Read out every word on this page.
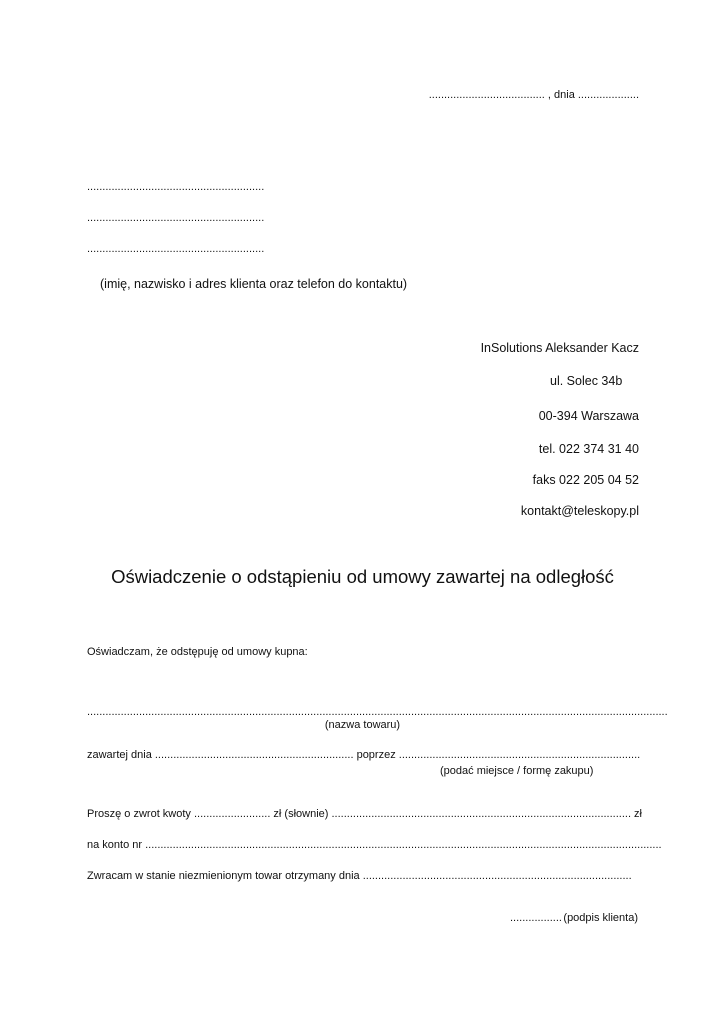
...................................... , dnia ....................
..........................................................
..........................................................
..........................................................
(imię, nazwisko i adres klienta oraz telefon do kontaktu)
InSolutions Aleksander Kacz
ul. Solec 34b
00-394 Warszawa
tel. 022 374 31 40
faks 022 205 04 52
kontakt@teleskopy.pl
Oświadczenie o odstąpieniu od umowy zawartej na odległość
Oświadczam, że odstępuję od umowy kupna:
..............................................................................................................................................................................................
(nazwa towaru)
zawartej dnia ................................................................. poprzez ...............................................................................
(podać miejsce / formę zakupu)
Proszę o zwrot kwoty ......................... zł (słownie) .................................................................................................. zł
na konto nr .........................................................................................................................................................................
Zwracam w stanie niezmienionym towar otrzymany dnia ........................................................................................
................. (podpis klienta)
